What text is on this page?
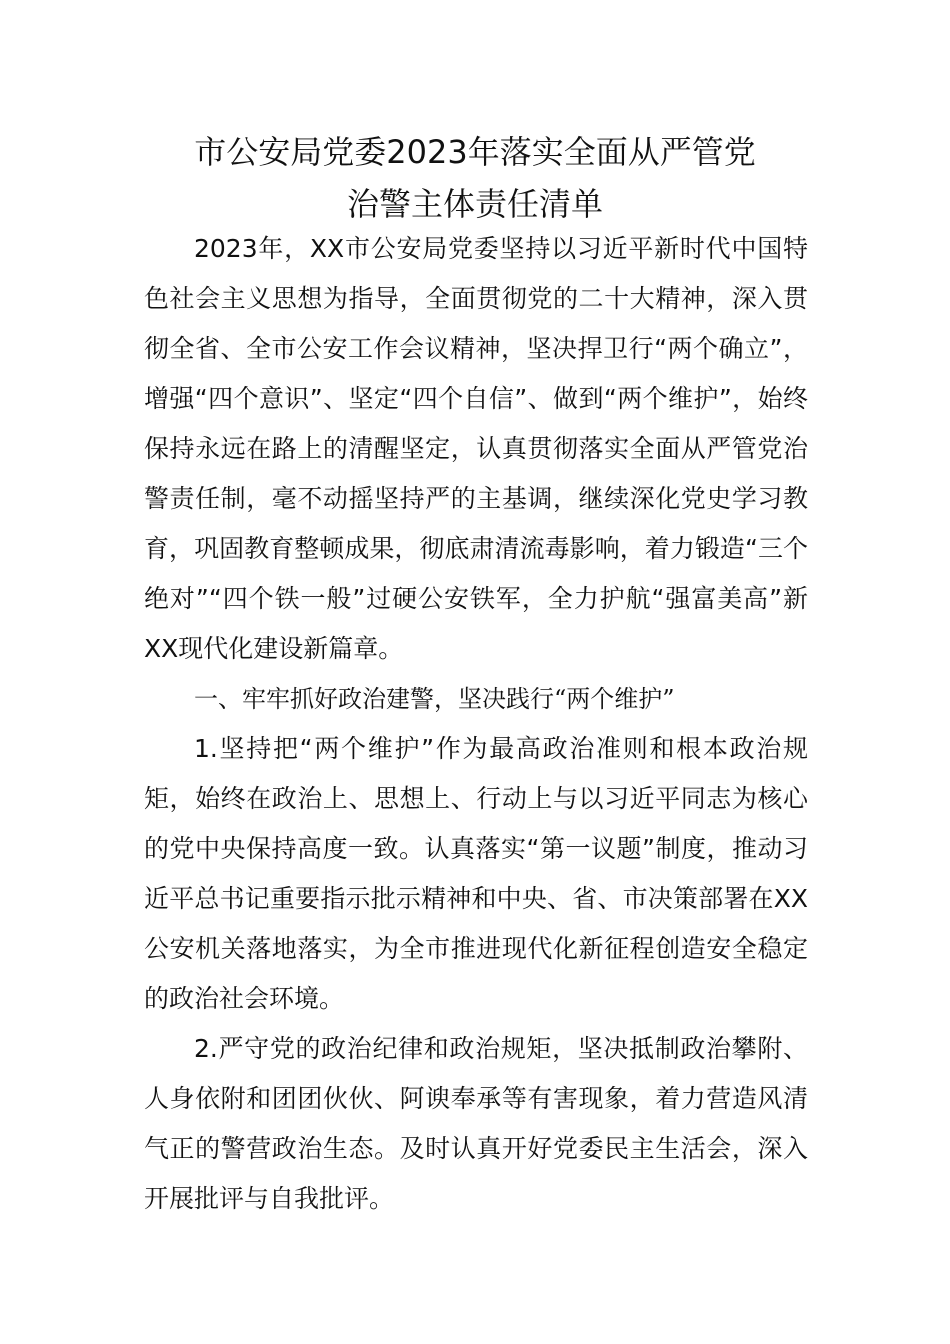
市公安局党委2023年落实全面从严管党
治警主体责任清单

2023年，XX市公安局党委坚持以习近平新时代中国特色社会主义思想为指导，全面贯彻党的二十大精神，深入贯彻全省、全市公安工作会议精神，坚决捍卫行“两个确立”，增强“四个意识”、坚定“四个自信”、做到“两个维护”，始终保持永远在路上的清醒坚定，认真贯彻落实全面从严管党治警责任制，毫不动摇坚持严的主基调，继续深化党史学习教育，巩固教育整顿成果，彻底肃清流毒影响，着力锻造“三个绝对”“四个铁一般”过硬公安铁军，全力护航“强富美高”新XX现代化建设新篇章。

一、牢牢抓好政治建警，坚决践行“两个维护”

1.坚持把“两个维护”作为最高政治准则和根本政治规矩，始终在政治上、思想上、行动上与以习近平同志为核心的党中央保持高度一致。认真落实“第一议题”制度，推动习近平总书记重要指示批示精神和中央、省、市决策部署在XX公安机关落地落实，为全市推进现代化新征程创造安全稳定的政治社会环境。

2.严守党的政治纪律和政治规矩，坚决抵制政治攀附、人身依附和团团伙伙、阿谀奉承等有害现象，着力营造风清气正的警营政治生态。及时认真开好党委民主生活会，深入开展批评与自我批评。
